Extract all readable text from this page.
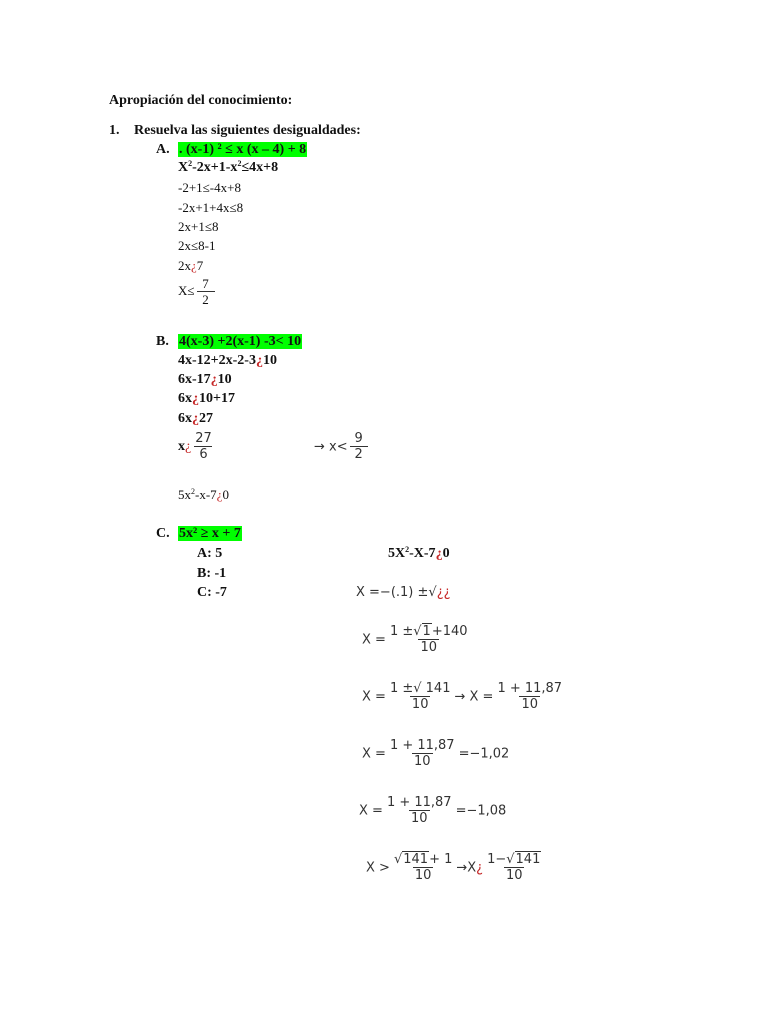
Apropiación del conocimiento:
1. Resuelva las siguientes desigualdades:
A. . (x-1) ² ≤ x (x – 4) + 8
$X^2-2x+1-x^2\le 4x+8$
-2+1≤-4x+8
-2x+1+4x≤8
2x+1≤8
2x≤8-1
2x¿7
$X\le \frac{7}{2}$
B. 4(x-3) +2(x-1) -3< 10
4x-12+2x-2-3¿10
6x-17¿10
6x¿10+17
6x¿27
x¿ $\frac{27}{6}$	→ $x< \frac{9}{2}$
$5x^2-x-7¿0$
C. 5x² ≥ x + 7
A: 5
B: -1
C: -7
$5X^2-X-7¿0$
X =−(.1) ±√¿¿
$X = \frac{1 \pm√1+140}{10}$
$X = \frac{1 \pm√ 141}{10} \to X = \frac{1 + 11,87}{10}$
$X = \frac{1 + 11,87}{10} =-1,02$
$X = \frac{1 + 11,87}{10} =-1,08$
$X > \frac{√141+ 1}{10}$ →X¿ $\frac{1-√141}{10}$
